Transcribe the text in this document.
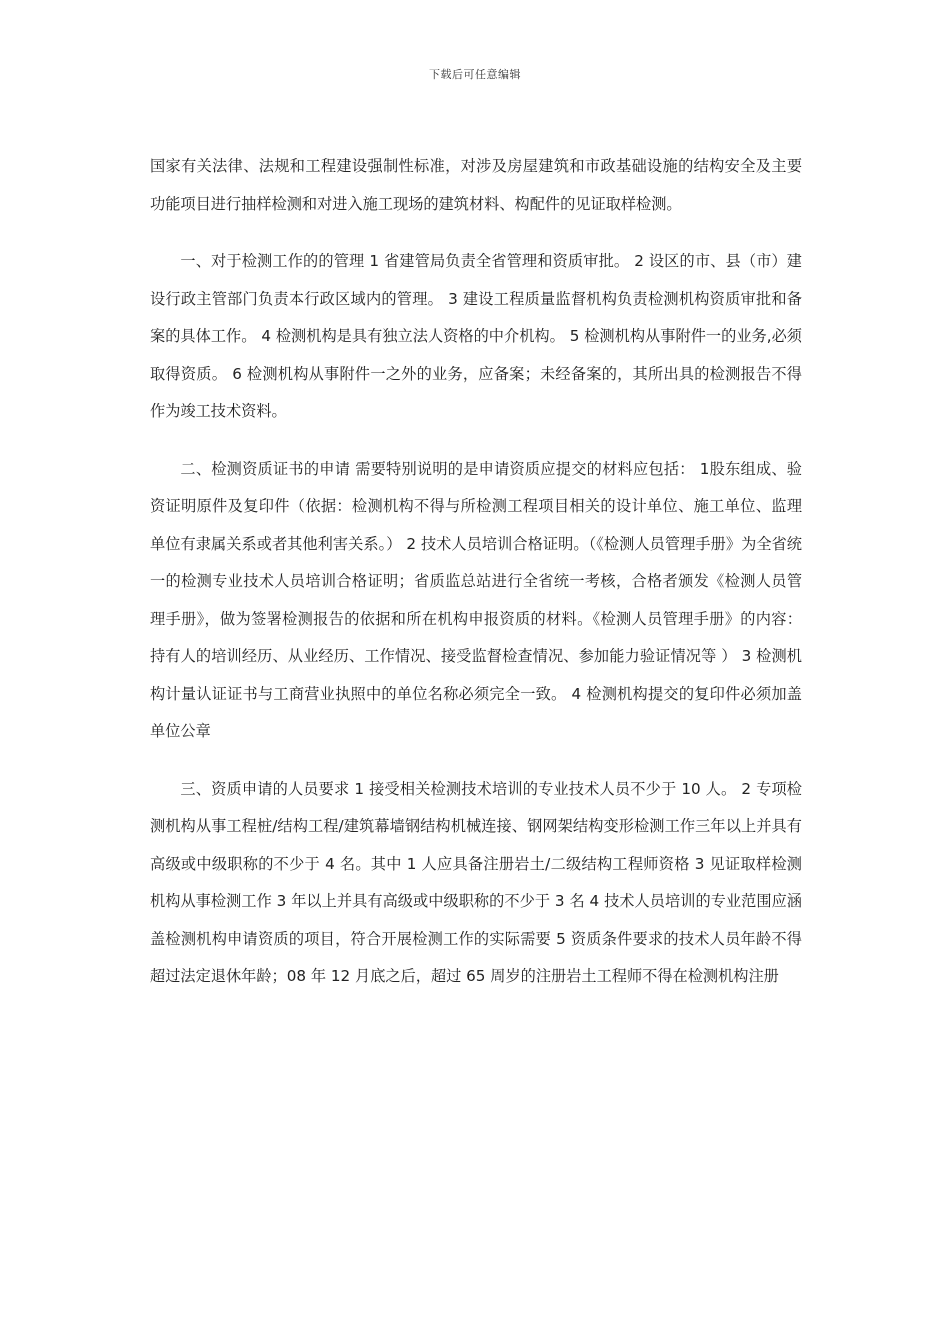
下载后可任意编辑

国家有关法律、法规和工程建设强制性标准，对涉及房屋建筑和市政基础设施的结构安全及主要功能项目进行抽样检测和对进入施工现场的建筑材料、构配件的见证取样检测。

一、对于检测工作的的管理 1 省建管局负责全省管理和资质审批。 2 设区的市、县（市）建设行政主管部门负责本行政区域内的管理。 3 建设工程质量监督机构负责检测机构资质审批和备案的具体工作。 4 检测机构是具有独立法人资格的中介机构。 5 检测机构从事附件一的业务,必须取得资质。 6 检测机构从事附件一之外的业务，应备案；未经备案的，其所出具的检测报告不得作为竣工技术资料。

二、检测资质证书的申请 需要特别说明的是申请资质应提交的材料应包括： 1股东组成、验资证明原件及复印件（依据：检测机构不得与所检测工程项目相关的设计单位、施工单位、监理单位有隶属关系或者其他利害关系。） 2 技术人员培训合格证明。（《检测人员管理手册》为全省统一的检测专业技术人员培训合格证明；省质监总站进行全省统一考核，合格者颁发《检测人员管理手册》，做为签署检测报告的依据和所在机构申报资质的材料。《检测人员管理手册》的内容：持有人的培训经历、从业经历、工作情况、接受监督检查情况、参加能力验证情况等 ） 3 检测机构计量认证证书与工商营业执照中的单位名称必须完全一致。 4 检测机构提交的复印件必须加盖单位公章

三、资质申请的人员要求 1 接受相关检测技术培训的专业技术人员不少于 10 人。 2 专项检测机构从事工程桩/结构工程/建筑幕墙钢结构机械连接、钢网架结构变形检测工作三年以上并具有高级或中级职称的不少于 4 名。其中 1 人应具备注册岩土/二级结构工程师资格 3 见证取样检测机构从事检测工作 3 年以上并具有高级或中级职称的不少于 3 名 4 技术人员培训的专业范围应涵盖检测机构申请资质的项目，符合开展检测工作的实际需要 5 资质条件要求的技术人员年龄不得超过法定退休年龄；08 年 12 月底之后，超过 65 周岁的注册岩土工程师不得在检测机构注册
